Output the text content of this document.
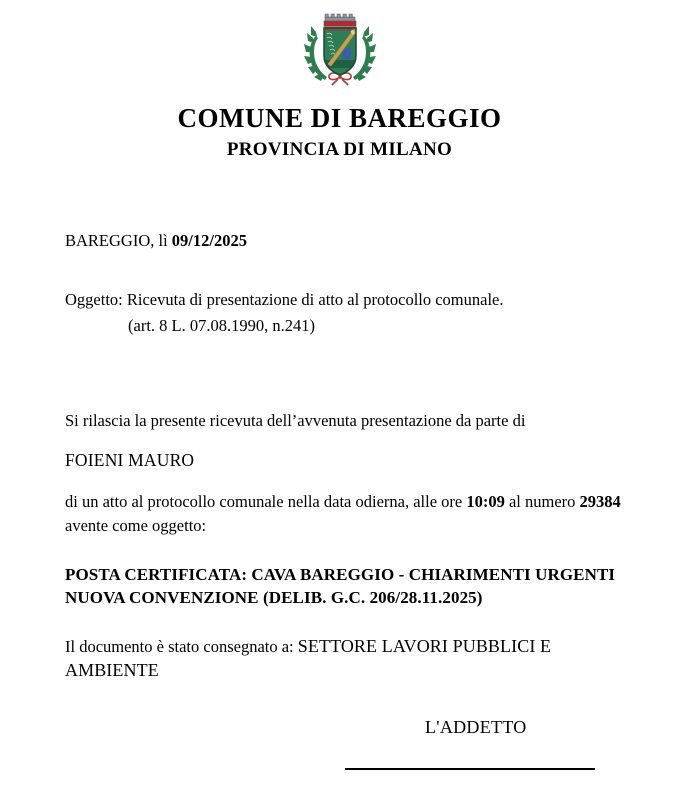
COMUNE DI BAREGGIO
PROVINCIA DI MILANO
BAREGGIO, lì 09/12/2025
Oggetto: Ricevuta di presentazione di atto al protocollo comunale.
(art. 8 L. 07.08.1990, n.241)
Si rilascia la presente ricevuta dell’avvenuta presentazione da parte di
FOIENI MAURO
di un atto al protocollo comunale nella data odierna, alle ore 10:09 al numero 29384
avente come oggetto:
POSTA CERTIFICATA: CAVA BAREGGIO - CHIARIMENTI URGENTI
NUOVA CONVENZIONE (DELIB. G.C. 206/28.11.2025)
Il documento è stato consegnato a: SETTORE LAVORI PUBBLICI E AMBIENTE
L'ADDETTO
